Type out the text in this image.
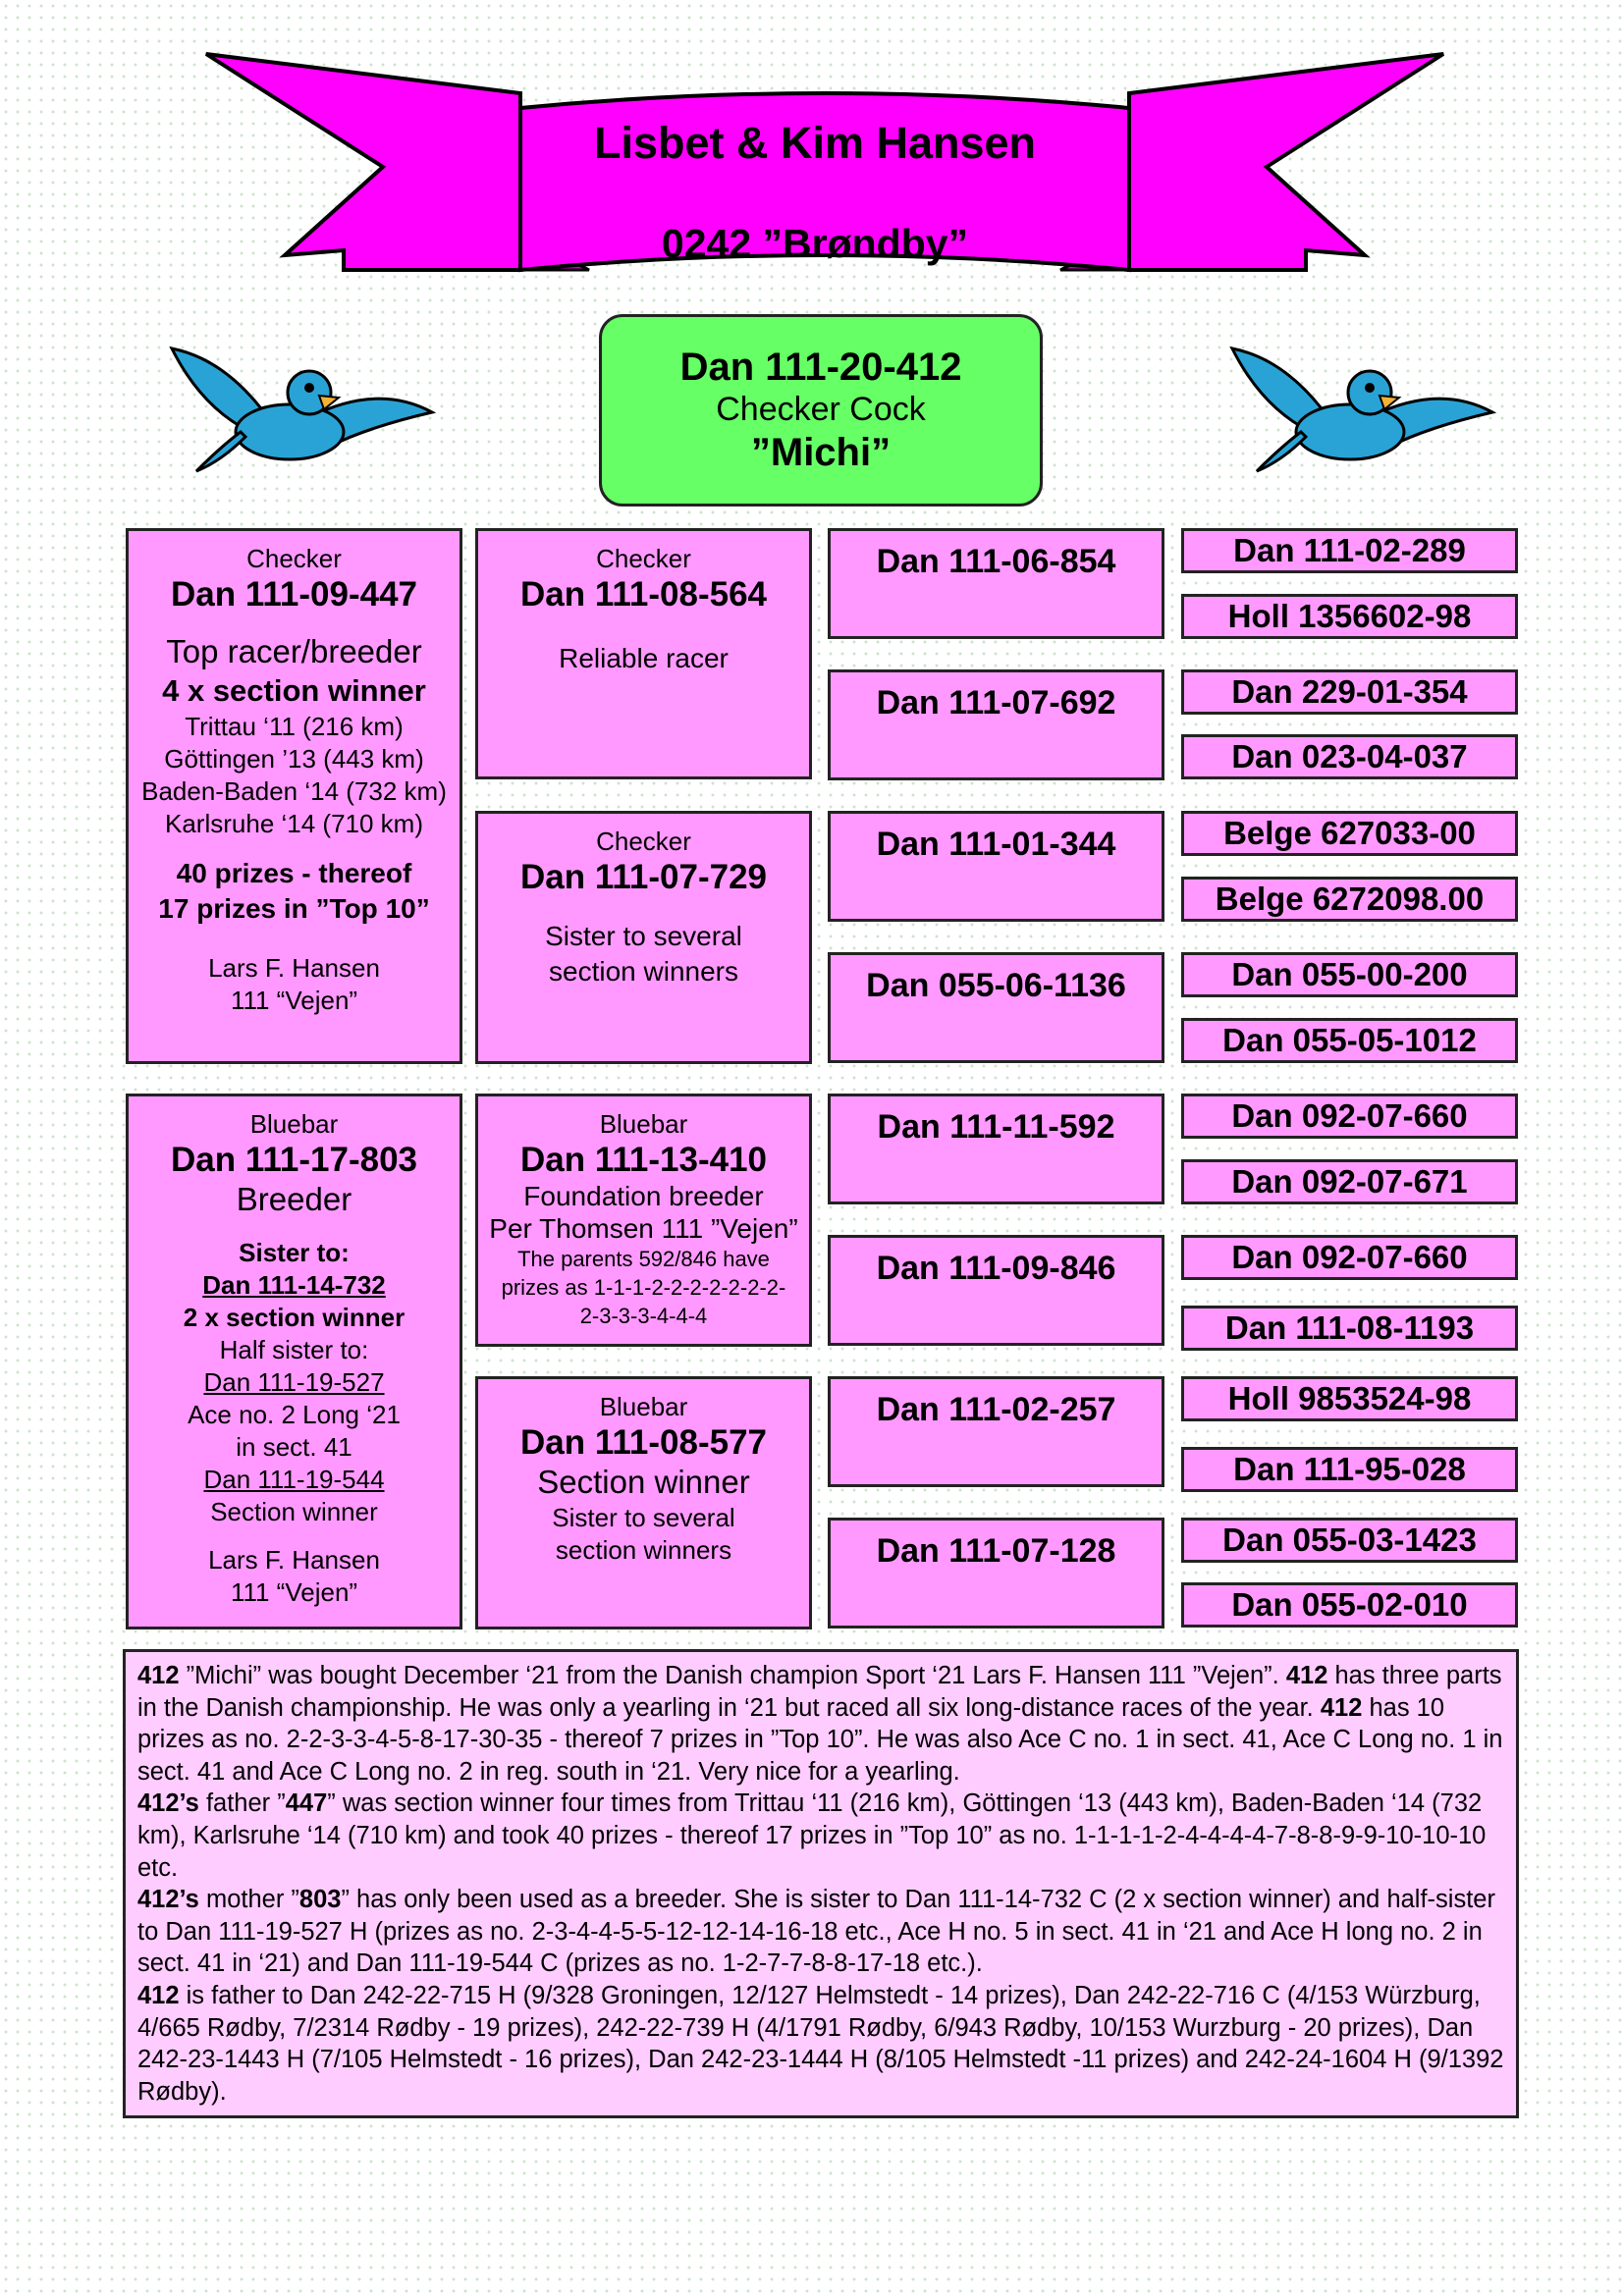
Lisbet & Kim Hansen
0242 ”Brøndby”
Dan 111-20-412
Checker Cock
”Michi”
Checker
Dan 111-09-447
Top racer/breeder
4 x section winner
Trittau ‘11 (216 km)
Göttingen ’13 (443 km)
Baden-Baden ‘14 (732 km)
Karlsruhe ‘14 (710 km)
40 prizes - thereof
17 prizes in ”Top 10”
Lars F. Hansen
111 “Vejen”
Bluebar
Dan 111-17-803
Breeder
Sister to:
Dan 111-14-732
2 x section winner
Half sister to:
Dan 111-19-527
Ace no. 2 Long ‘21
in sect. 41
Dan 111-19-544
Section winner
Lars F. Hansen
111 “Vejen”
Checker
Dan 111-08-564
Reliable racer
Checker
Dan 111-07-729
Sister to several
section winners
Bluebar
Dan 111-13-410
Foundation breeder
Per Thomsen 111 ”Vejen”
The parents 592/846 have
prizes as 1-1-1-2-2-2-2-2-2-2-
2-3-3-3-4-4-4
Bluebar
Dan 111-08-577
Section winner
Sister to several
section winners
Dan 111-06-854
Dan 111-07-692
Dan 111-01-344
Dan 055-06-1136
Dan 111-11-592
Dan 111-09-846
Dan 111-02-257
Dan 111-07-128
Dan 111-02-289
Holl 1356602-98
Dan 229-01-354
Dan 023-04-037
Belge 627033-00
Belge 6272098.00
Dan 055-00-200
Dan 055-05-1012
Dan 092-07-660
Dan 092-07-671
Dan 092-07-660
Dan 111-08-1193
Holl 9853524-98
Dan 111-95-028
Dan 055-03-1423
Dan 055-02-010

412 ”Michi” was bought December ‘21 from the Danish champion Sport ‘21 Lars F. Hansen 111 ”Vejen”. 412 has three parts in the Danish championship. He was only a yearling in ‘21 but raced all six long-distance races of the year. 412 has 10 prizes as no. 2-2-3-3-4-5-8-17-30-35 - thereof 7 prizes in ”Top 10”. He was also Ace C no. 1 in sect. 41, Ace C Long no. 1 in sect. 41 and Ace C Long no. 2 in reg. south in ‘21. Very nice for a yearling.

412’s father ”447” was section winner four times from Trittau ‘11 (216 km), Göttingen ‘13 (443 km), Baden-Baden ‘14 (732 km), Karlsruhe ‘14 (710 km) and took 40 prizes - thereof 17 prizes in ”Top 10” as no. 1-1-1-1-2-4-4-4-4-7-8-8-9-9-10-10-10 etc.

412’s mother ”803” has only been used as a breeder. She is sister to Dan 111-14-732 C (2 x section winner) and half-sister to Dan 111-19-527 H (prizes as no. 2-3-4-4-5-5-12-12-14-16-18 etc., Ace H no. 5 in sect. 41 in ‘21 and Ace H long no. 2 in sect. 41 in ‘21) and Dan 111-19-544 C (prizes as no. 1-2-7-7-8-8-17-18 etc.).

412 is father to Dan 242-22-715 H (9/328 Groningen, 12/127 Helmstedt - 14 prizes), Dan 242-22-716 C (4/153 Würzburg, 4/665 Rødby, 7/2314 Rødby - 19 prizes), 242-22-739 H (4/1791 Rødby, 6/943 Rødby, 10/153 Wurzburg - 20 prizes), Dan 242-23-1443 H (7/105 Helmstedt - 16 prizes), Dan 242-23-1444 H (8/105 Helmstedt -11 prizes) and 242-24-1604 H (9/1392 Rødby).
